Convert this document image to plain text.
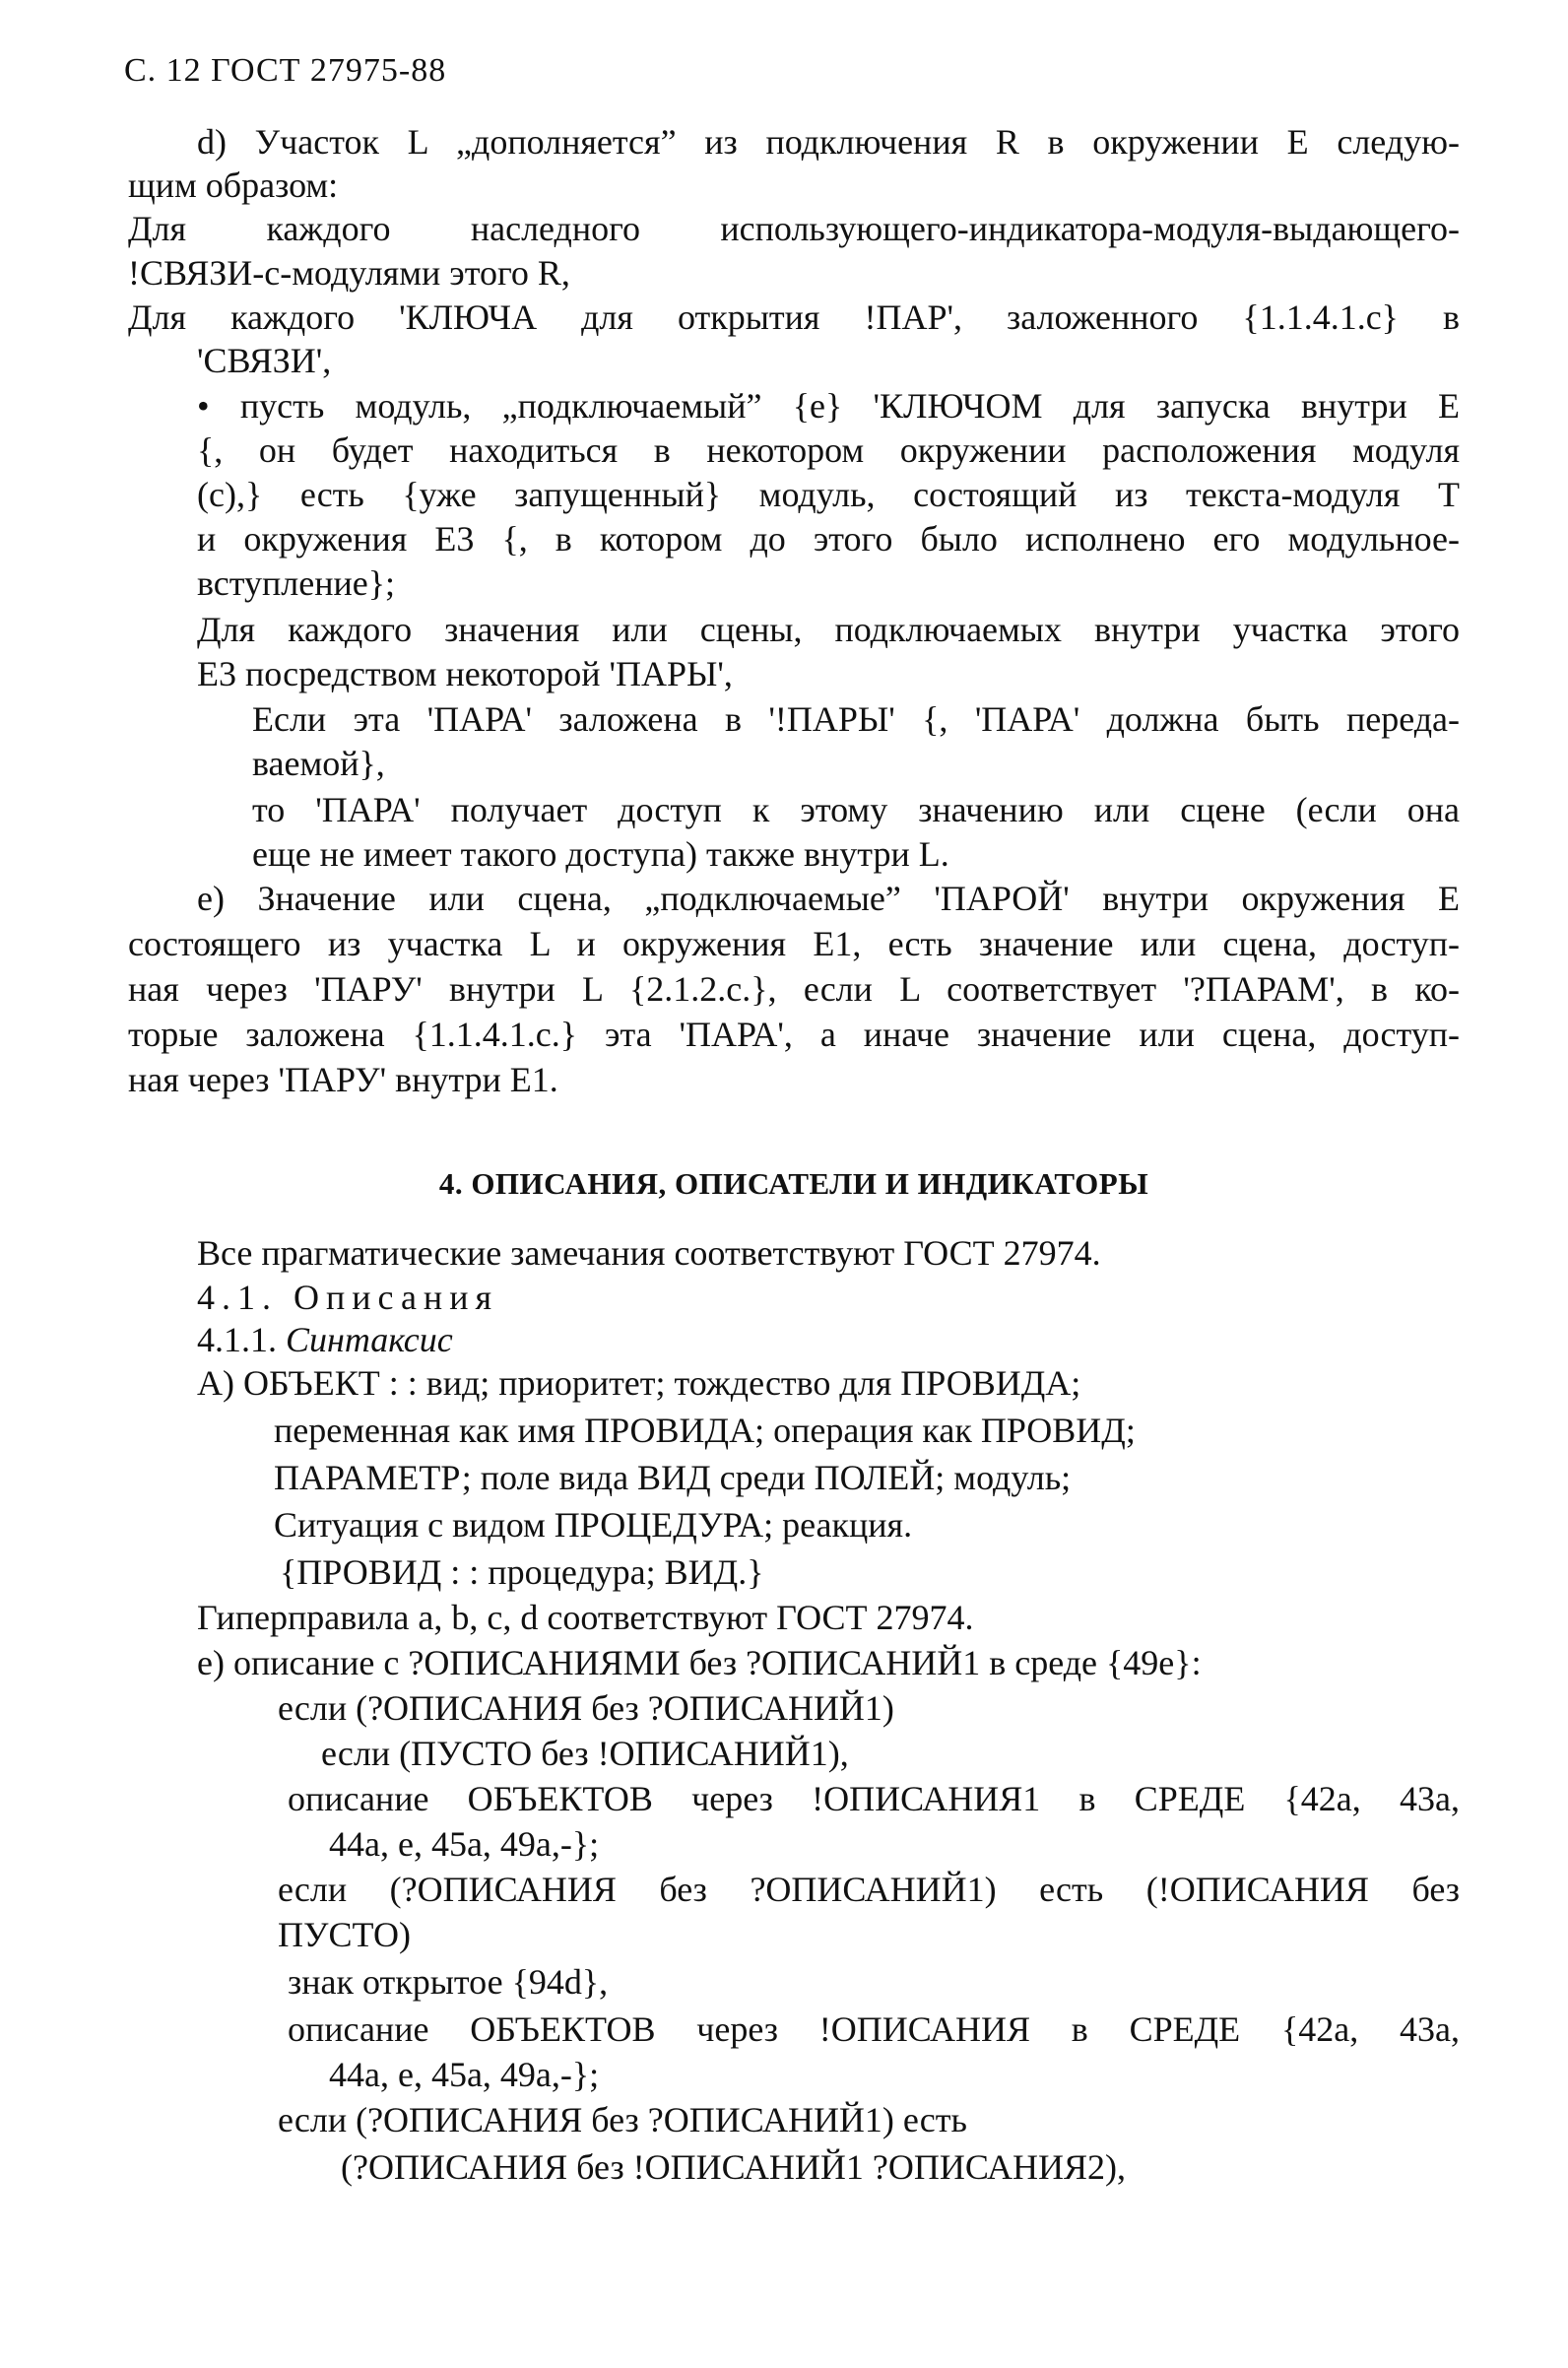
С. 12 ГОСТ 27975-88
d) Участок L „дополняется” из подключения R в окружении E следую-
щим образом:
Для каждого наследного использующего-индикатора-модуля-выдающего-
!СВЯЗИ-с-модулями этого R,
Для каждого 'КЛЮЧА для открытия !ПАР', заложенного {1.1.4.1.c} в
'СВЯЗИ',
• пусть модуль, „подключаемый” {e} 'КЛЮЧОМ для запуска внутри E
{, он будет находиться в некотором окружении расположения модуля
(c),} есть {уже запущенный} модуль, состоящий из текста-модуля T
и окружения E3 {, в котором до этого было исполнено его модульное-
вступление};
Для каждого значения или сцены, подключаемых внутри участка этого
E3 посредством некоторой 'ПАРЫ',
Если эта 'ПАРА' заложена в '!ПАРЫ' {, 'ПАРА' должна быть переда-
ваемой},
то 'ПАРА' получает доступ к этому значению или сцене (если она
еще не имеет такого доступа) также внутри L.
e) Значение или сцена, „подключаемые” 'ПАРОЙ' внутри окружения E
состоящего из участка L и окружения E1, есть значение или сцена, доступ-
ная через 'ПАРУ' внутри L {2.1.2.c.}, если L соответствует '?ПАРАМ', в ко-
торые заложена {1.1.4.1.c.} эта 'ПАРА', а иначе значение или сцена, доступ-
ная через 'ПАРУ' внутри E1.
4. ОПИСАНИЯ, ОПИСАТЕЛИ И ИНДИКАТОРЫ
Все прагматические замечания соответствуют ГОСТ 27974.
4.1. Описания
4.1.1. Синтаксис
A) ОБЪЕКТ : : вид; приоритет; тождество для ПРОВИДА;
переменная как имя ПРОВИДА; операция как ПРОВИД;
ПАРАМЕТР; поле вида ВИД среди ПОЛЕЙ; модуль;
Ситуация с видом ПРОЦЕДУРА; реакция.
{ПРОВИД : : процедура; ВИД.}
Гиперправила a, b, c, d соответствуют ГОСТ 27974.
e) описание с ?ОПИСАНИЯМИ без ?ОПИСАНИЙ1 в среде {49e}:
если (?ОПИСАНИЯ без ?ОПИСАНИЙ1)
если (ПУСТО без !ОПИСАНИЙ1),
описание ОБЪЕКТОВ через !ОПИСАНИЯ1 в СРЕДЕ {42a, 43a,
44a, e, 45a, 49a,-};
если (?ОПИСАНИЯ без ?ОПИСАНИЙ1) есть (!ОПИСАНИЯ без
ПУСТО)
знак открытое {94d},
описание ОБЪЕКТОВ через !ОПИСАНИЯ в СРЕДЕ {42a, 43a,
44a, e, 45a, 49a,-};
если (?ОПИСАНИЯ без ?ОПИСАНИЙ1) есть
(?ОПИСАНИЯ без !ОПИСАНИЙ1 ?ОПИСАНИЯ2),
